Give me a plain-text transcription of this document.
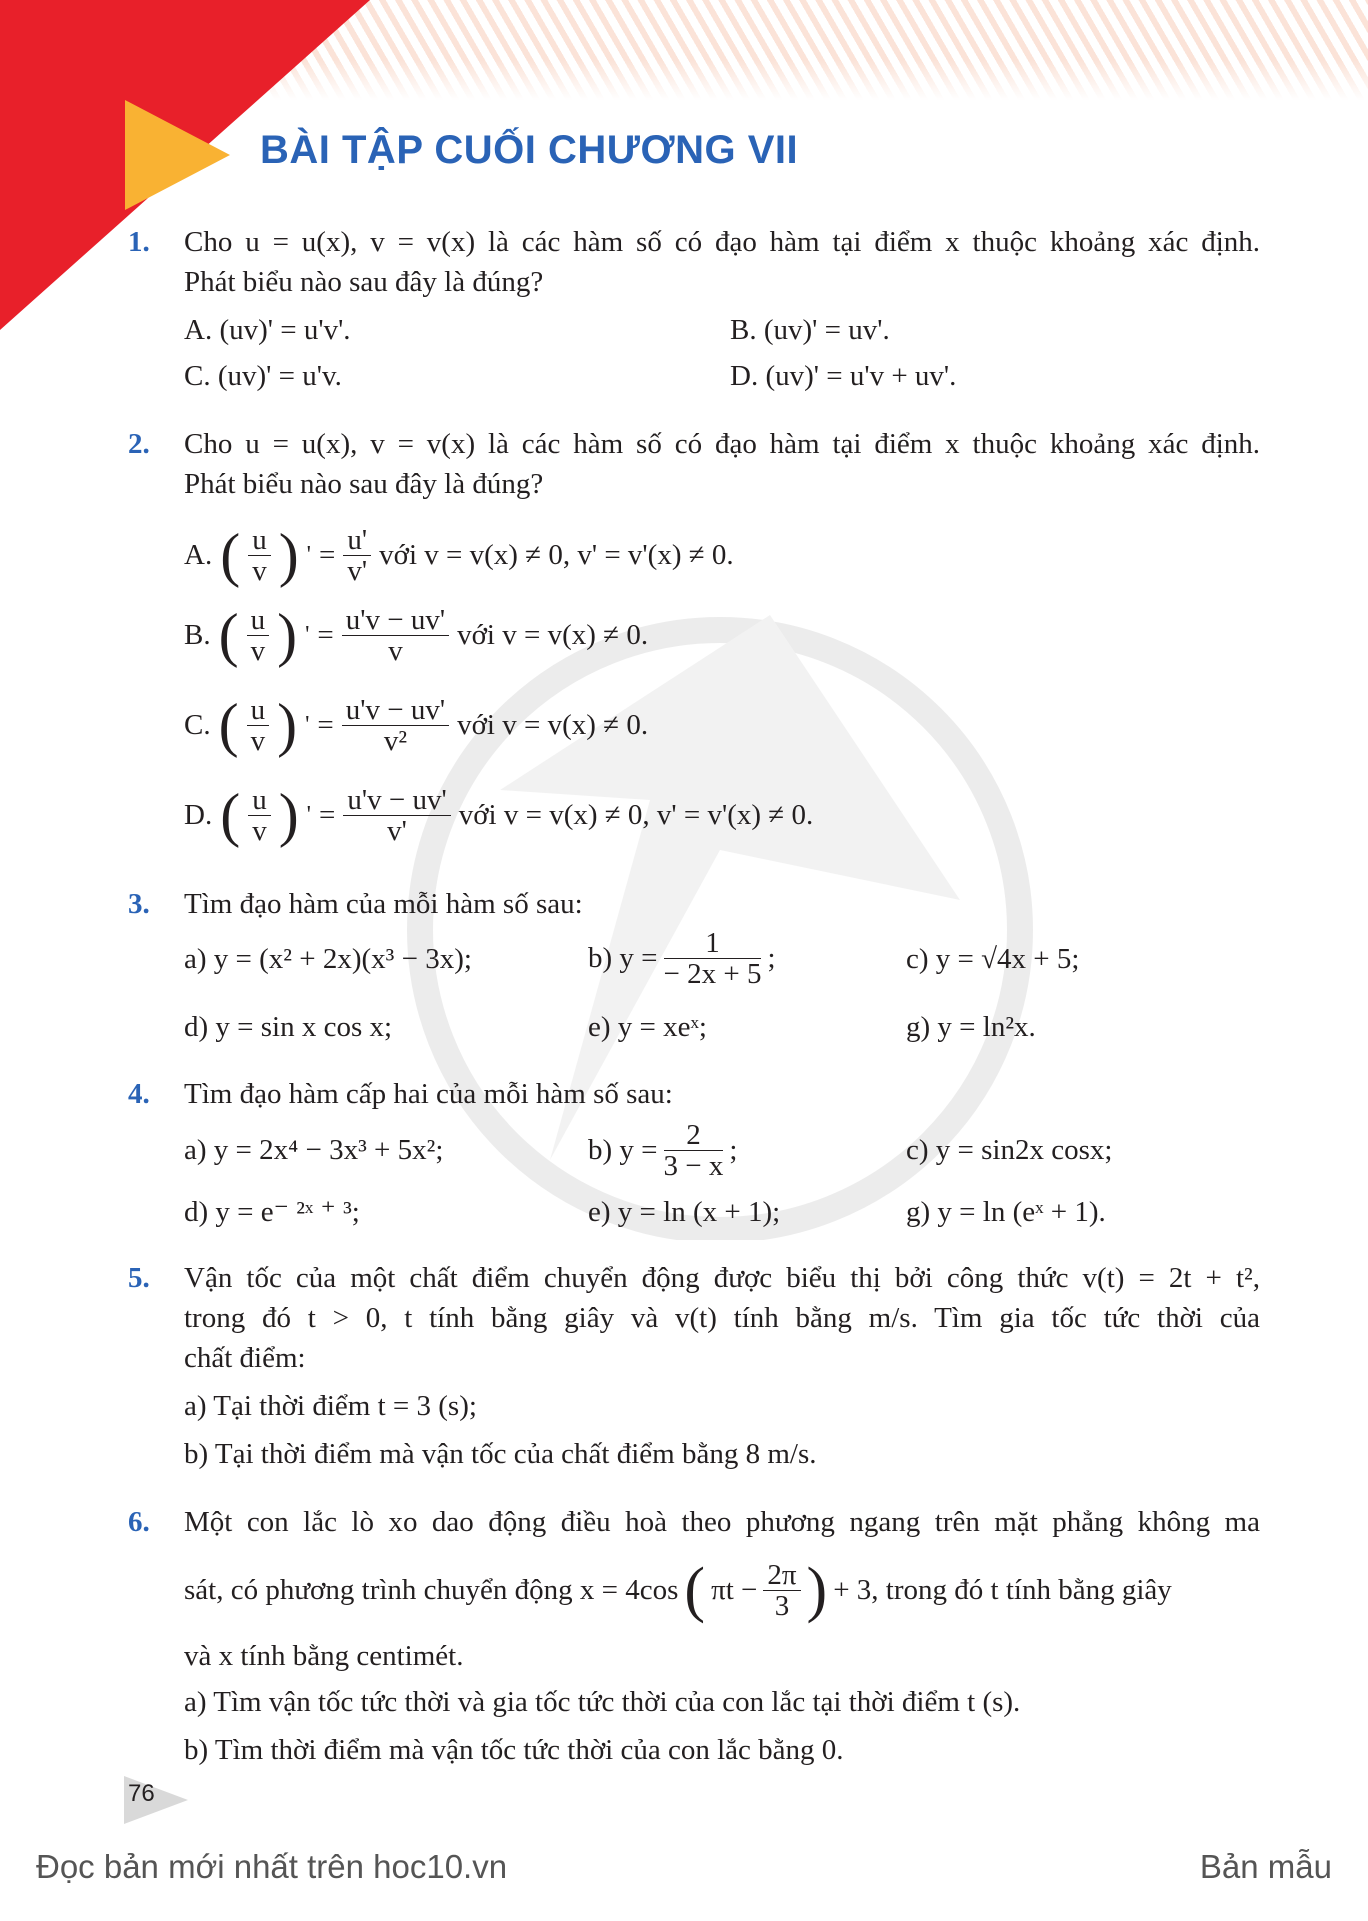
BÀI TẬP CUỐI CHƯƠNG VII
1. Cho u = u(x), v = v(x) là các hàm số có đạo hàm tại điểm x thuộc khoảng xác định.
Phát biểu nào sau đây là đúng?
A. (uv)' = u'v'.	B. (uv)' = uv'.
C. (uv)' = u'v.	D. (uv)' = u'v + uv'.
2. Cho u = u(x), v = v(x) là các hàm số có đạo hàm tại điểm x thuộc khoảng xác định.
Phát biểu nào sau đây là đúng?
A. ( u
v ) ' = $\frac{u'}{v'}$ với v = v(x) ≠ 0, v' = v'(x) ≠ 0.
B. ( u
v ) ' = $\frac{u'v - uv'}{v}$ với v = v(x) ≠ 0.
C. ( u
v ) ' = $\frac{u'v - uv'}{\text{v²}}$ với v = v(x) ≠ 0.
D. ( u
v ) ' = $\frac{u'v - uv'}{v'}$ với v = v(x) ≠ 0, v' = v'(x) ≠ 0.
3. Tìm đạo hàm của mỗi hàm số sau:
a) y = (x² + 2x)(x³ − 3x);	b) $y = \frac{1}{- 2x + 5}$ ;	c) y = √4x + 5;
d) y = sin x cos x;	e) y = xeˣ;	g) y = ln²x.
4. Tìm đạo hàm cấp hai của mỗi hàm số sau:
a) y = 2x⁴ − 3x³ + 5x²;	b) $y = \frac{2}{3 - x}$ ;	c) y = sin2x cosx;
d) y = e⁻ ²ˣ ⁺ ³;	e) y = ln (x + 1);	g) y = ln (eˣ + 1).
5. Vận tốc của một chất điểm chuyển động được biểu thị bởi công thức v(t) = 2t + t²,
trong đó t > 0, t tính bằng giây và v(t) tính bằng m/s. Tìm gia tốc tức thời của
chất điểm:
a) Tại thời điểm t = 3 (s);
b) Tại thời điểm mà vận tốc của chất điểm bằng 8 m/s.
6. Một con lắc lò xo dao động điều hoà theo phương ngang trên mặt phẳng không ma
sát, có phương trình chuyển động x = 4cos ( $\pi t - \frac{2\pi}{3}$ ) + 3, trong đó t tính bằng giây
và x tính bằng centimét.
a) Tìm vận tốc tức thời và gia tốc tức thời của con lắc tại thời điểm t (s).
b) Tìm thời điểm mà vận tốc tức thời của con lắc bằng 0.
76
Đọc bản mới nhất trên hoc10.vn	Bản mẫu
